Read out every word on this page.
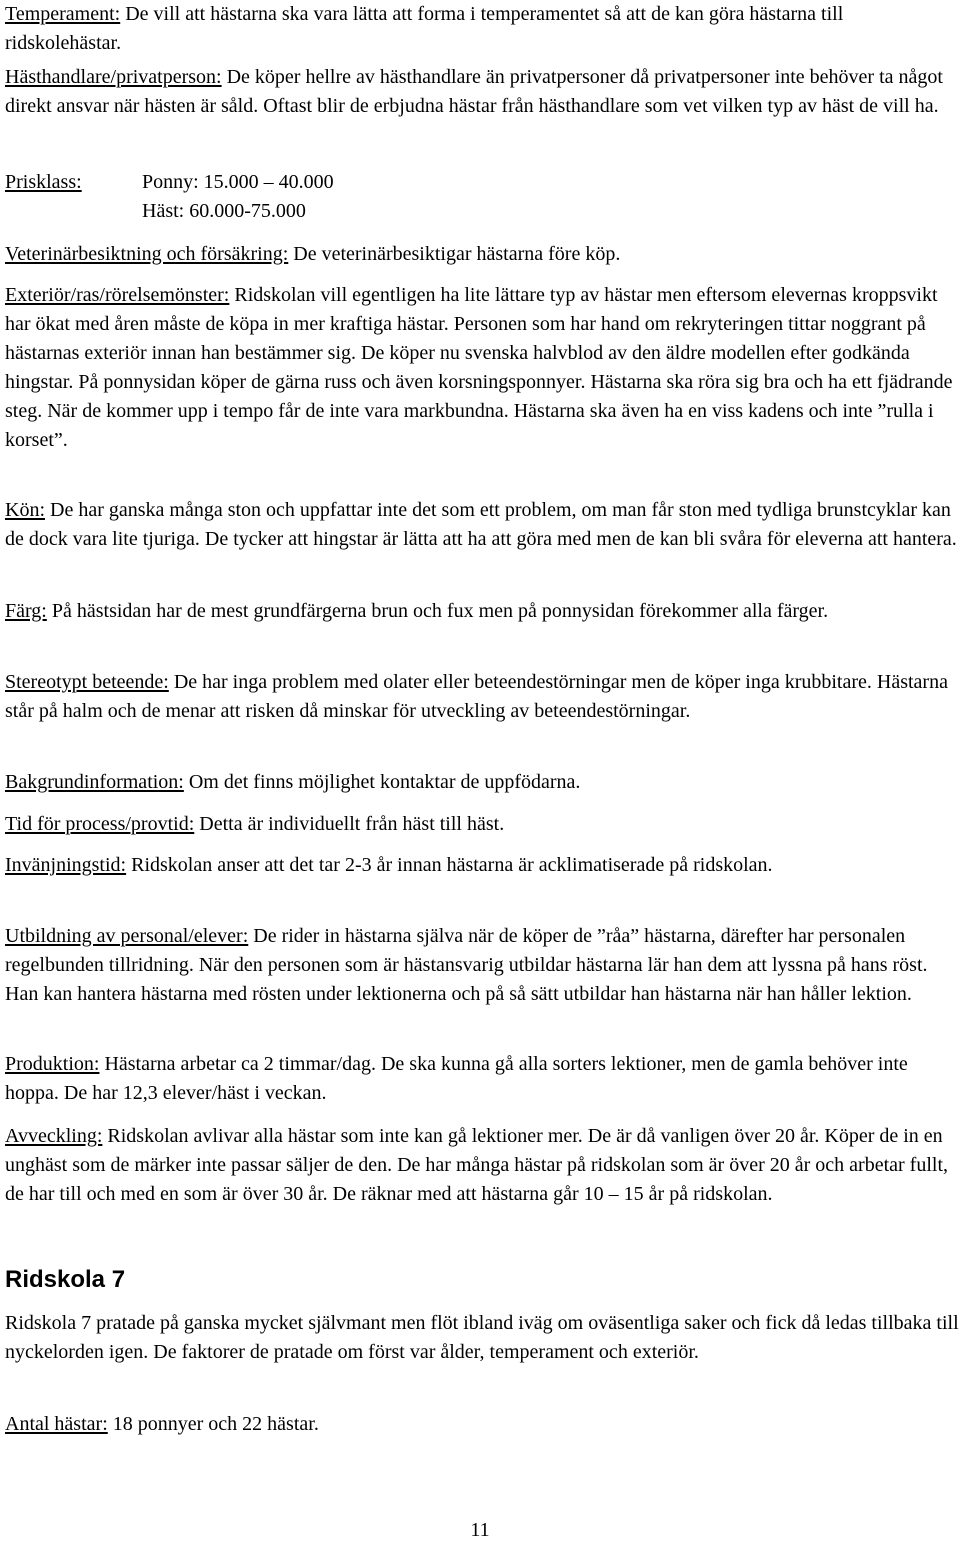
Temperament: De vill att hästarna ska vara lätta att forma i temperamentet så att de kan göra hästarna till ridskolehästar.

Hästhandlare/privatperson: De köper hellre av hästhandlare än privatpersoner då privatpersoner inte behöver ta något direkt ansvar när hästen är såld. Oftast blir de erbjudna hästar från hästhandlare som vet vilken typ av häst de vill ha.

Prisklass:	Ponny: 15.000 – 40.000
Häst: 60.000-75.000

Veterinärbesiktning och försäkring: De veterinärbesiktigar hästarna före köp.

Exteriör/ras/rörelsemönster: Ridskolan vill egentligen ha lite lättare typ av hästar men eftersom elevernas kroppsvikt har ökat med åren måste de köpa in mer kraftiga hästar. Personen som har hand om rekryteringen tittar noggrant på hästarnas exteriör innan han bestämmer sig. De köper nu svenska halvblod av den äldre modellen efter godkända hingstar. På ponnysidan köper de gärna russ och även korsningsponnyer. Hästarna ska röra sig bra och ha ett fjädrande steg. När de kommer upp i tempo får de inte vara markbundna. Hästarna ska även ha en viss kadens och inte ”rulla i korset”.

Kön: De har ganska många ston och uppfattar inte det som ett problem, om man får ston med tydliga brunstcyklar kan de dock vara lite tjuriga. De tycker att hingstar är lätta att ha att göra med men de kan bli svåra för eleverna att hantera.

Färg: På hästsidan har de mest grundfärgerna brun och fux men på ponnysidan förekommer alla färger.

Stereotypt beteende: De har inga problem med olater eller beteendestörningar men de köper inga krubbitare. Hästarna står på halm och de menar att risken då minskar för utveckling av beteendestörningar.

Bakgrundinformation: Om det finns möjlighet kontaktar de uppfödarna.

Tid för process/provtid: Detta är individuellt från häst till häst.

Invänjningstid: Ridskolan anser att det tar 2-3 år innan hästarna är acklimatiserade på ridskolan.

Utbildning av personal/elever: De rider in hästarna själva när de köper de ”råa” hästarna, därefter har personalen regelbunden tillridning. När den personen som är hästansvarig utbildar hästarna lär han dem att lyssna på hans röst. Han kan hantera hästarna med rösten under lektionerna och på så sätt utbildar han hästarna när han håller lektion.

Produktion: Hästarna arbetar ca 2 timmar/dag. De ska kunna gå alla sorters lektioner, men de gamla behöver inte hoppa. De har 12,3 elever/häst i veckan.

Avveckling: Ridskolan avlivar alla hästar som inte kan gå lektioner mer. De är då vanligen över 20 år. Köper de in en unghäst som de märker inte passar säljer de den. De har många hästar på ridskolan som är över 20 år och arbetar fullt, de har till och med en som är över 30 år. De räknar med att hästarna går 10 – 15 år på ridskolan.

Ridskola 7

Ridskola 7 pratade på ganska mycket självmant men flöt ibland iväg om oväsentliga saker och fick då ledas tillbaka till nyckelorden igen. De faktorer de pratade om först var ålder, temperament och exteriör.

Antal hästar: 18 ponnyer och 22 hästar.

11
